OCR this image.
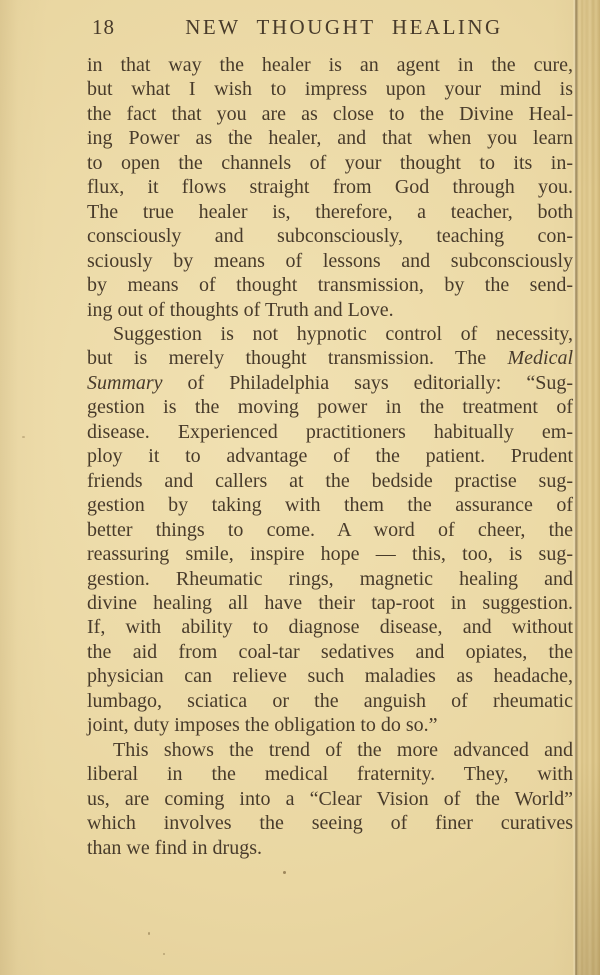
18	NEW THOUGHT HEALING
in that way the healer is an agent in the cure,
but what I wish to impress upon your mind is
the fact that you are as close to the Divine Heal-
ing Power as the healer, and that when you learn
to open the channels of your thought to its in-
flux, it flows straight from God through you.
The true healer is, therefore, a teacher, both
consciously and subconsciously, teaching con-
sciously by means of lessons and subconsciously
by means of thought transmission, by the send-
ing out of thoughts of Truth and Love.
Suggestion is not hypnotic control of necessity,
but is merely thought transmission. The Medical
Summary of Philadelphia says editorially: “Sug-
gestion is the moving power in the treatment of
disease. Experienced practitioners habitually em-
ploy it to advantage of the patient. Prudent
friends and callers at the bedside practise sug-
gestion by taking with them the assurance of
better things to come. A word of cheer, the
reassuring smile, inspire hope — this, too, is sug-
gestion. Rheumatic rings, magnetic healing and
divine healing all have their tap-root in suggestion.
If, with ability to diagnose disease, and without
the aid from coal-tar sedatives and opiates, the
physician can relieve such maladies as headache,
lumbago, sciatica or the anguish of rheumatic
joint, duty imposes the obligation to do so.”
This shows the trend of the more advanced and
liberal in the medical fraternity. They, with
us, are coming into a “Clear Vision of the World”
which involves the seeing of finer curatives
than we find in drugs.
